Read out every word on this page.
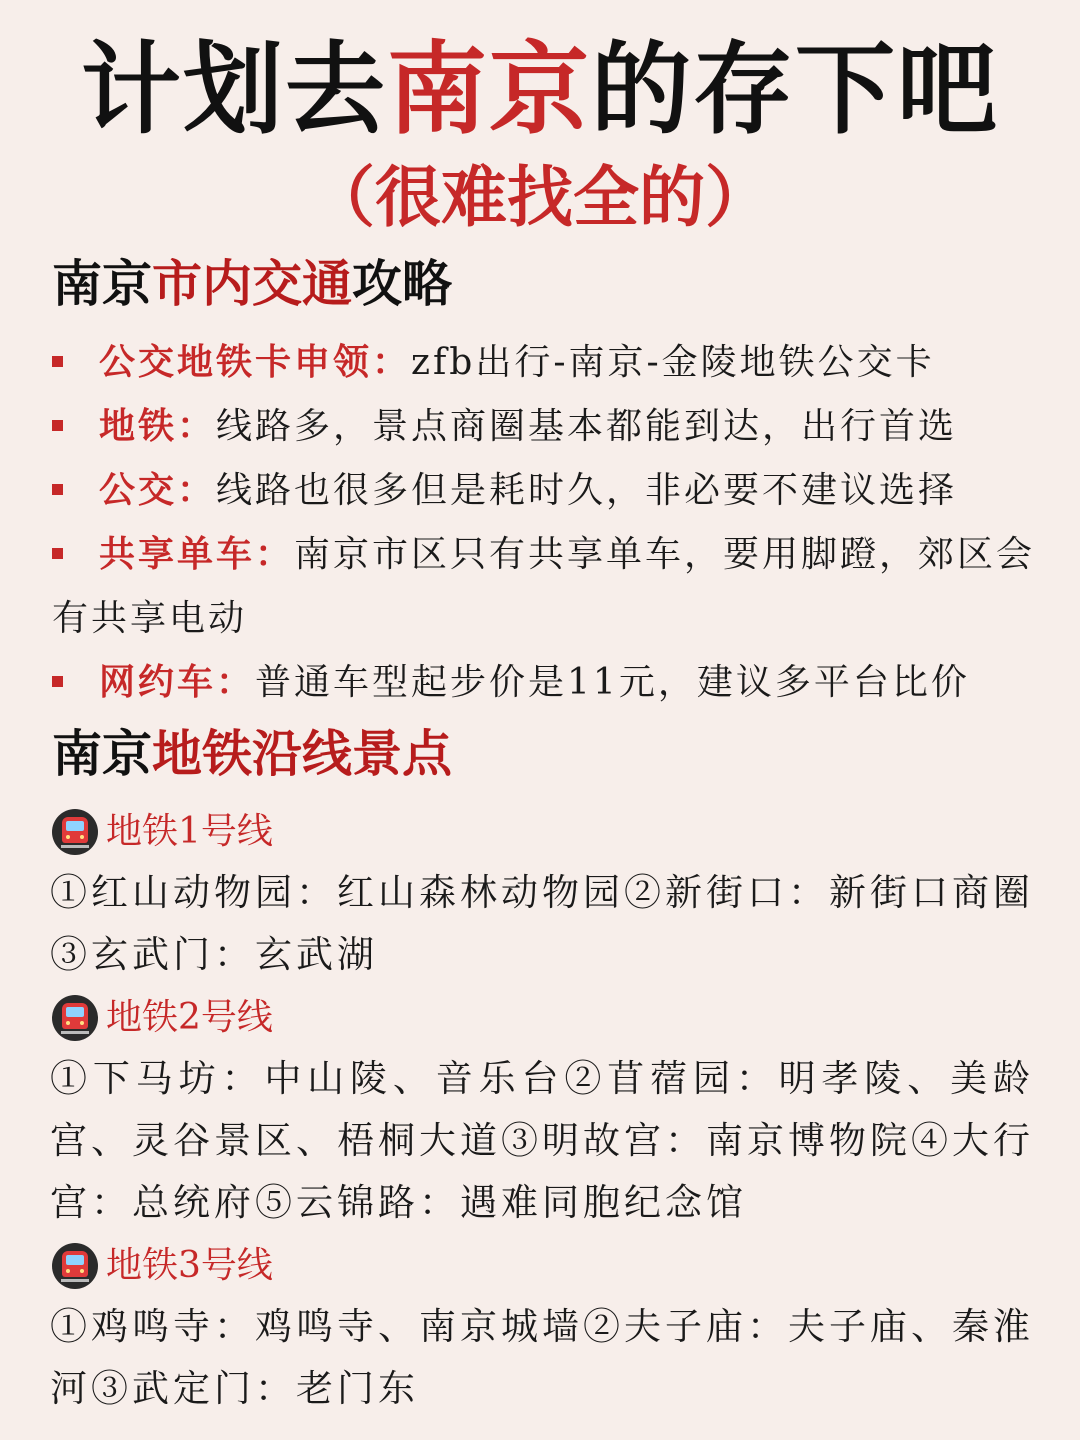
计划去南京的存下吧
（很难找全的）
南京市内交通攻略
公交地铁卡申领：zfb出行-南京-金陵地铁公交卡
地铁：线路多，景点商圈基本都能到达，出行首选
公交：线路也很多但是耗时久，非必要不建议选择
共享单车：南京市区只有共享单车，要用脚蹬，郊区会有共享电动
网约车：普通车型起步价是11元，建议多平台比价
南京地铁沿线景点
地铁1号线
①红山动物园：红山森林动物园②新街口：新街口商圈③玄武门：玄武湖
地铁2号线
①下马坊：中山陵、音乐台②苜蓿园：明孝陵、美龄宫、灵谷景区、梧桐大道③明故宫：南京博物院④大行宫：总统府⑤云锦路：遇难同胞纪念馆
地铁3号线
①鸡鸣寺：鸡鸣寺、南京城墙②夫子庙：夫子庙、秦淮河③武定门：老门东
